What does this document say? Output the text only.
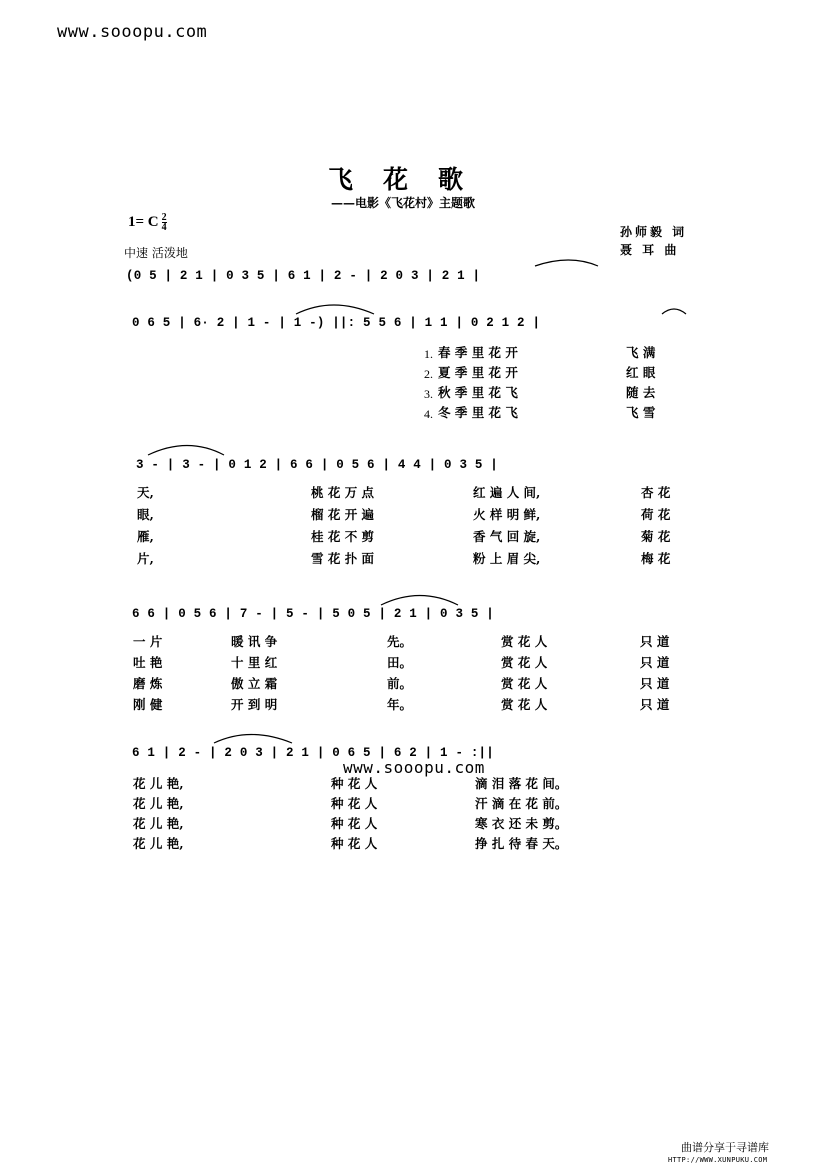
www.sooopu.com
飞花歌
——电影《飞花村》主题歌
1= C $\frac{2}{4}$	孙师毅 词
聂 耳 曲
中速 活泼地
(0 5 | 2 1 | 0 3 5 | 6 1 | 2 - | 2 0 3 | 2 1 |
0 6 5 | 6· 2 | 1 - | 1 -) ||: 5 5 6 | 1 1 | 0 2 1 2 |
3 - | 3 - | 0 1 2 | 6 6 | 0 5 6 | 4 4 | 0 3 5 |
6 6 | 0 5 6 | 7 - | 5 - | 5 0 5 | 2 1 | 0 3 5 |
6 1 | 2 - | 2 0 3 | 2 1 | 0 6 5 | 6 2 | 1 - :||
1. 春 季 里 花 开	飞 满
2. 夏 季 里 花 开	红 眼
3. 秋 季 里 花 飞	随 去
4. 冬 季 里 花 飞	飞 雪
天,	桃 花 万 点	红 遍 人 间,	杏 花
眼,	榴 花 开 遍	火 样 明 鲜,	荷 花
雁,	桂 花 不 剪	香 气 回 旋,	菊 花
片,	雪 花 扑 面	粉 上 眉 尖,	梅 花
一 片	暖 讯 争	先。	赏 花 人	只 道
吐 艳	十 里 红	田。	赏 花 人	只 道
磨 炼	傲 立 霜	前。	赏 花 人	只 道
刚 健	开 到 明	年。	赏 花 人	只 道
www.sooopu.com
花 儿 艳,	种 花 人	滴 泪 落 花 间。
花 儿 艳,	种 花 人	汗 滴 在 花 前。
花 儿 艳,	种 花 人	寒 衣 还 未 剪。
花 儿 艳,	种 花 人	挣 扎 待 春 天。
曲谱分享于寻谱库
HTTP://WWW.XUNPUKU.COM
